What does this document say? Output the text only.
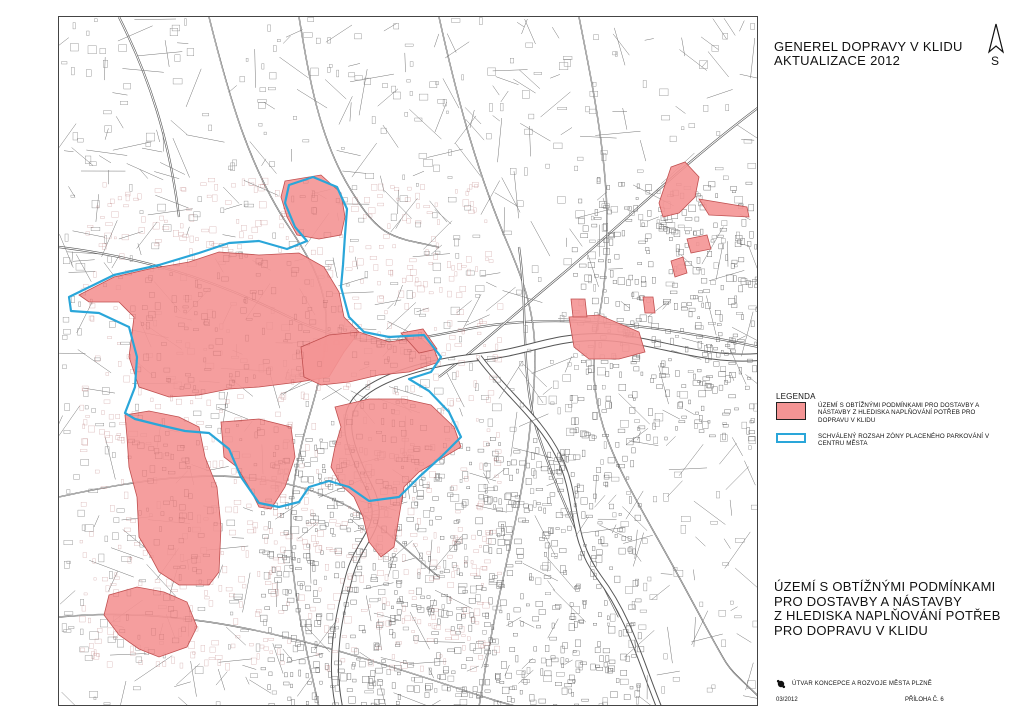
GENEREL DOPRAVY V KLIDU
AKTUALIZACE 2012	S
LEGENDA
ÚZEMÍ S OBTÍŽNÝMI PODMÍNKAMI PRO DOSTAVBY A NÁSTAVBY Z HLEDISKA NAPLŇOVÁNÍ POTŘEB PRO DOPRAVU V KLIDU
SCHVÁLENÝ ROZSAH ZÓNY PLACENÉHO PARKOVÁNÍ V CENTRU MĚSTA
ÚZEMÍ S OBTÍŽNÝMI PODMÍNKAMI
PRO DOSTAVBY A NÁSTAVBY
Z HLEDISKA NAPLŇOVÁNÍ POTŘEB
PRO DOPRAVU V KLIDU
ÚTVAR KONCEPCE A ROZVOJE MĚSTA PLZNĚ
03/2012	PŘÍLOHA Č. 6
